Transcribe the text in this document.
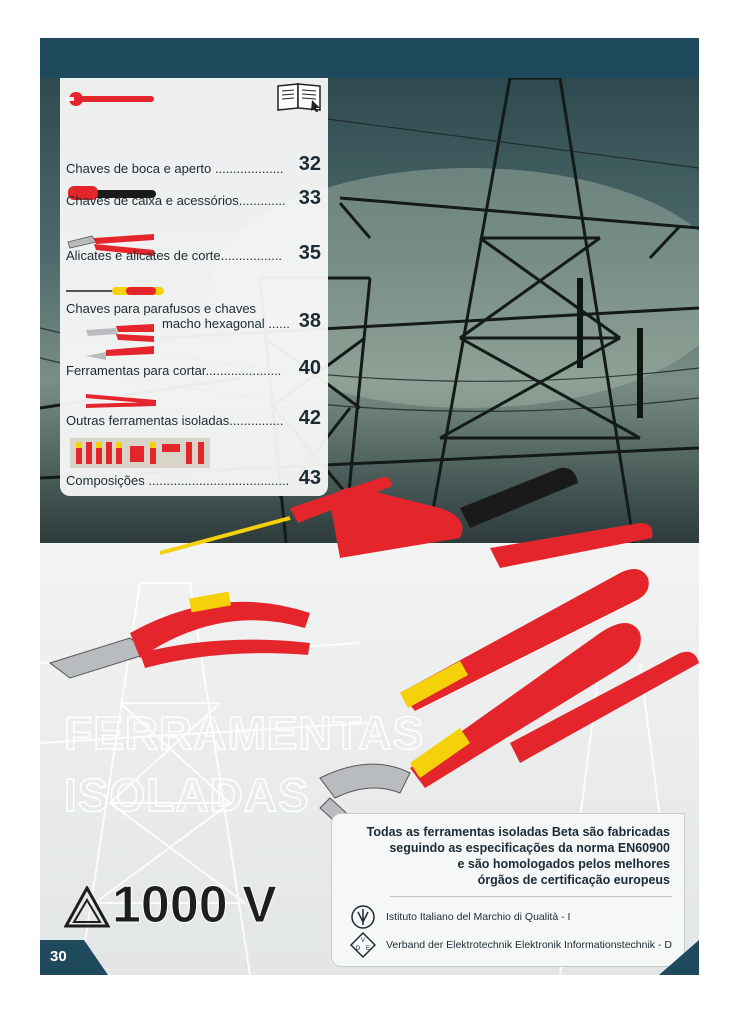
Chaves de boca e aperto ................... 32
Chaves de caixa e acessórios............. 33
Alicates e alicates de corte................. 35
Chaves para parafusos e chaves
macho hexagonal ...... 38
Ferramentas para cortar..................... 40
Outras ferramentas isoladas............... 42
Composições ....................................... 43
FERRAMENTAS
ISOLADAS
1000 V
Todas as ferramentas isoladas Beta são fabricadas
seguindo as especificações da norma EN60900
e são homologados pelos melhores
órgãos de certificação europeus
Istituto Italiano del Marchio di Qualità - I
V
D E Verband der Elektrotechnik Elektronik Informationstechnik - D
30
